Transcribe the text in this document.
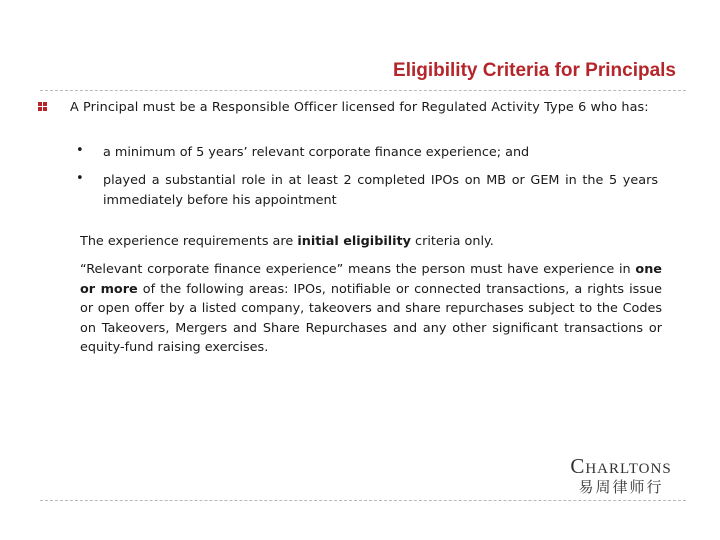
Eligibility Criteria for Principals
A Principal must be a Responsible Officer licensed for Regulated Activity Type 6 who has:
• a minimum of 5 years’ relevant corporate finance experience; and
• played a substantial role in at least 2 completed IPOs on MB or GEM in the 5 years immediately before his appointment
The experience requirements are initial eligibility criteria only.
“Relevant corporate finance experience” means the person must have experience in one or more of the following areas: IPOs, notifiable or connected transactions, a rights issue or open offer by a listed company, takeovers and share repurchases subject to the Codes on Takeovers, Mergers and Share Repurchases and any other significant transactions or equity-fund raising exercises.
Charltons
易周律师行
